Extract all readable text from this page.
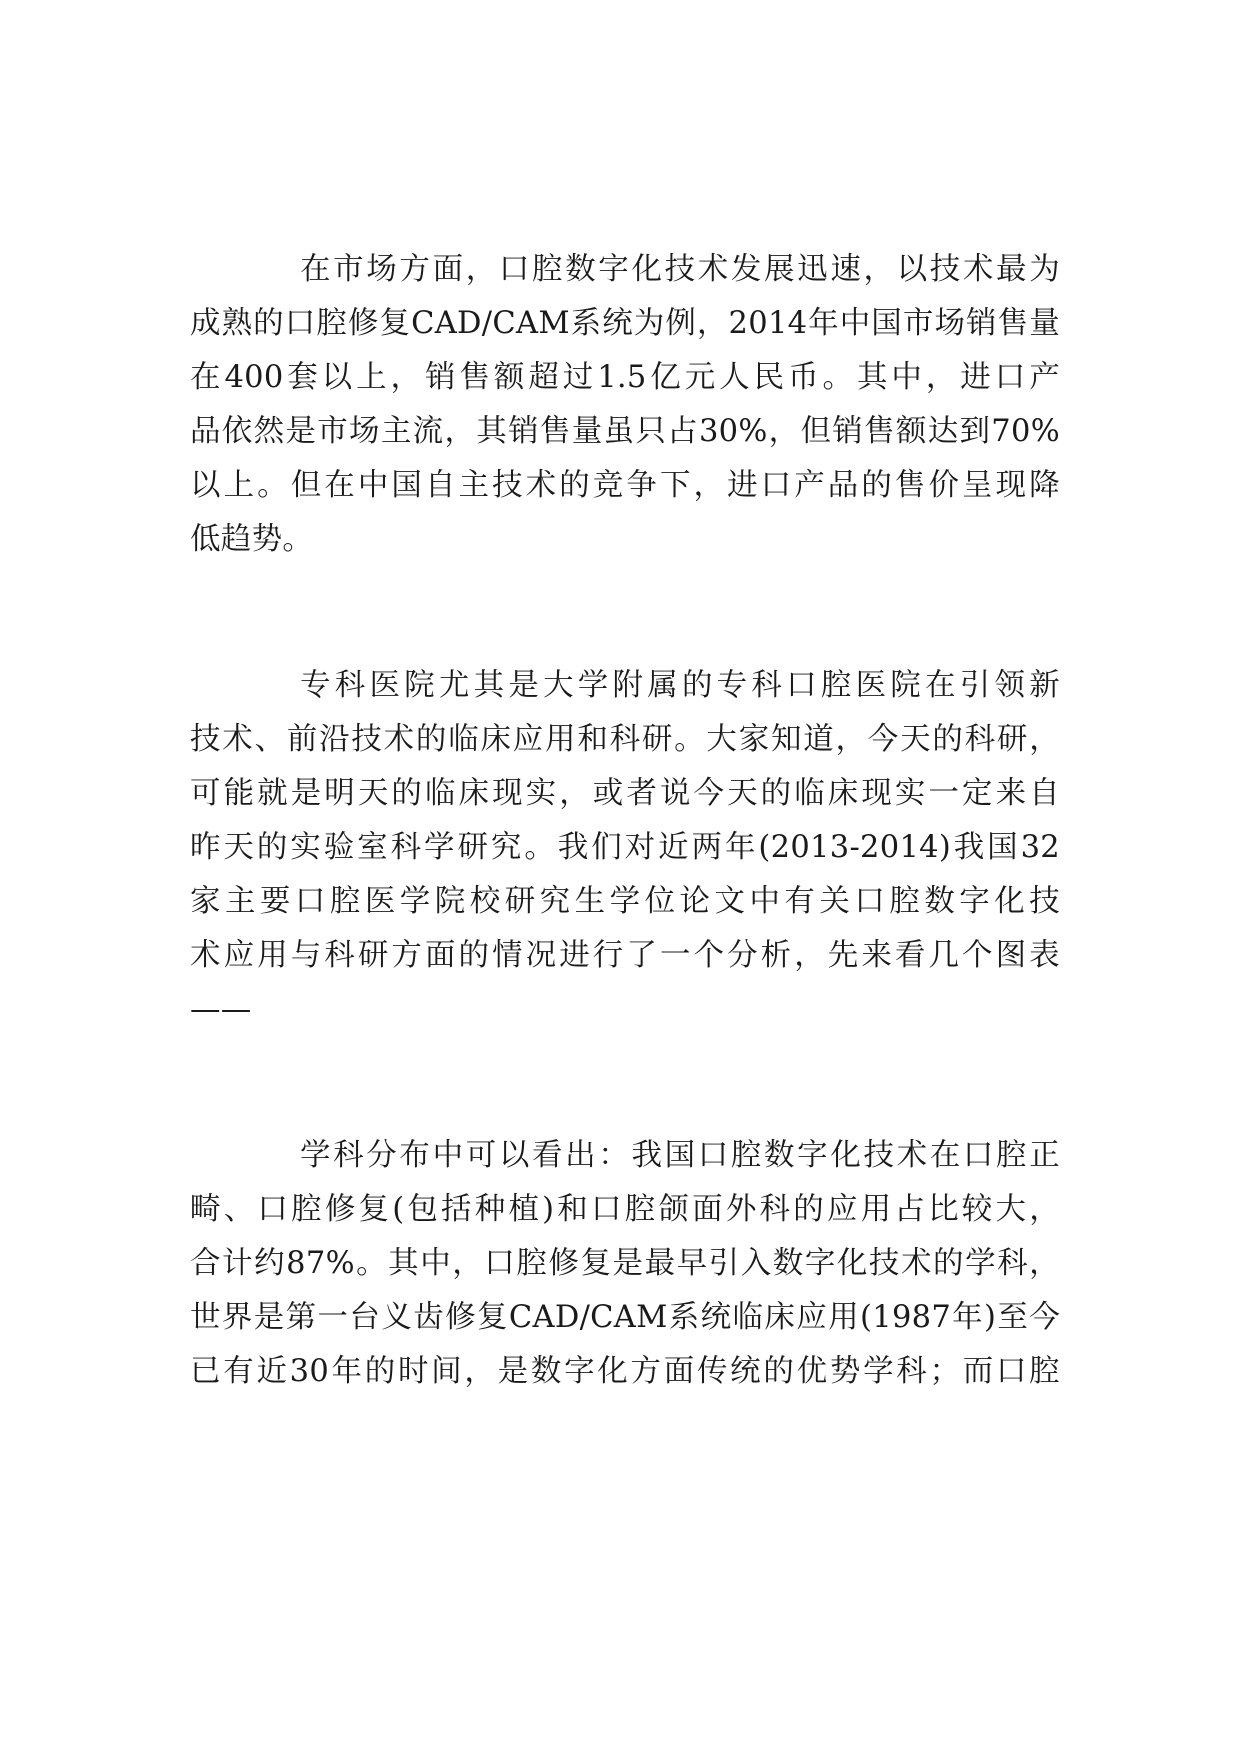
在市场方面，口腔数字化技术发展迅速，以技术最为
成熟的口腔修复CAD/CAM系统为例，2014年中国市场销售量
在400套以上，销售额超过1.5亿元人民币。其中，进口产
品依然是市场主流，其销售量虽只占30%，但销售额达到70%
以上。但在中国自主技术的竞争下，进口产品的售价呈现降
低趋势。
专科医院尤其是大学附属的专科口腔医院在引领新
技术、前沿技术的临床应用和科研。大家知道，今天的科研，
可能就是明天的临床现实，或者说今天的临床现实一定来自
昨天的实验室科学研究。我们对近两年(2013-2014)我国32
家主要口腔医学院校研究生学位论文中有关口腔数字化技
术应用与科研方面的情况进行了一个分析，先来看几个图表
——
学科分布中可以看出：我国口腔数字化技术在口腔正
畸、口腔修复(包括种植)和口腔颌面外科的应用占比较大，
合计约87%。其中，口腔修复是最早引入数字化技术的学科，
世界是第一台义齿修复CAD/CAM系统临床应用(1987年)至今
已有近30年的时间，是数字化方面传统的优势学科；而口腔
